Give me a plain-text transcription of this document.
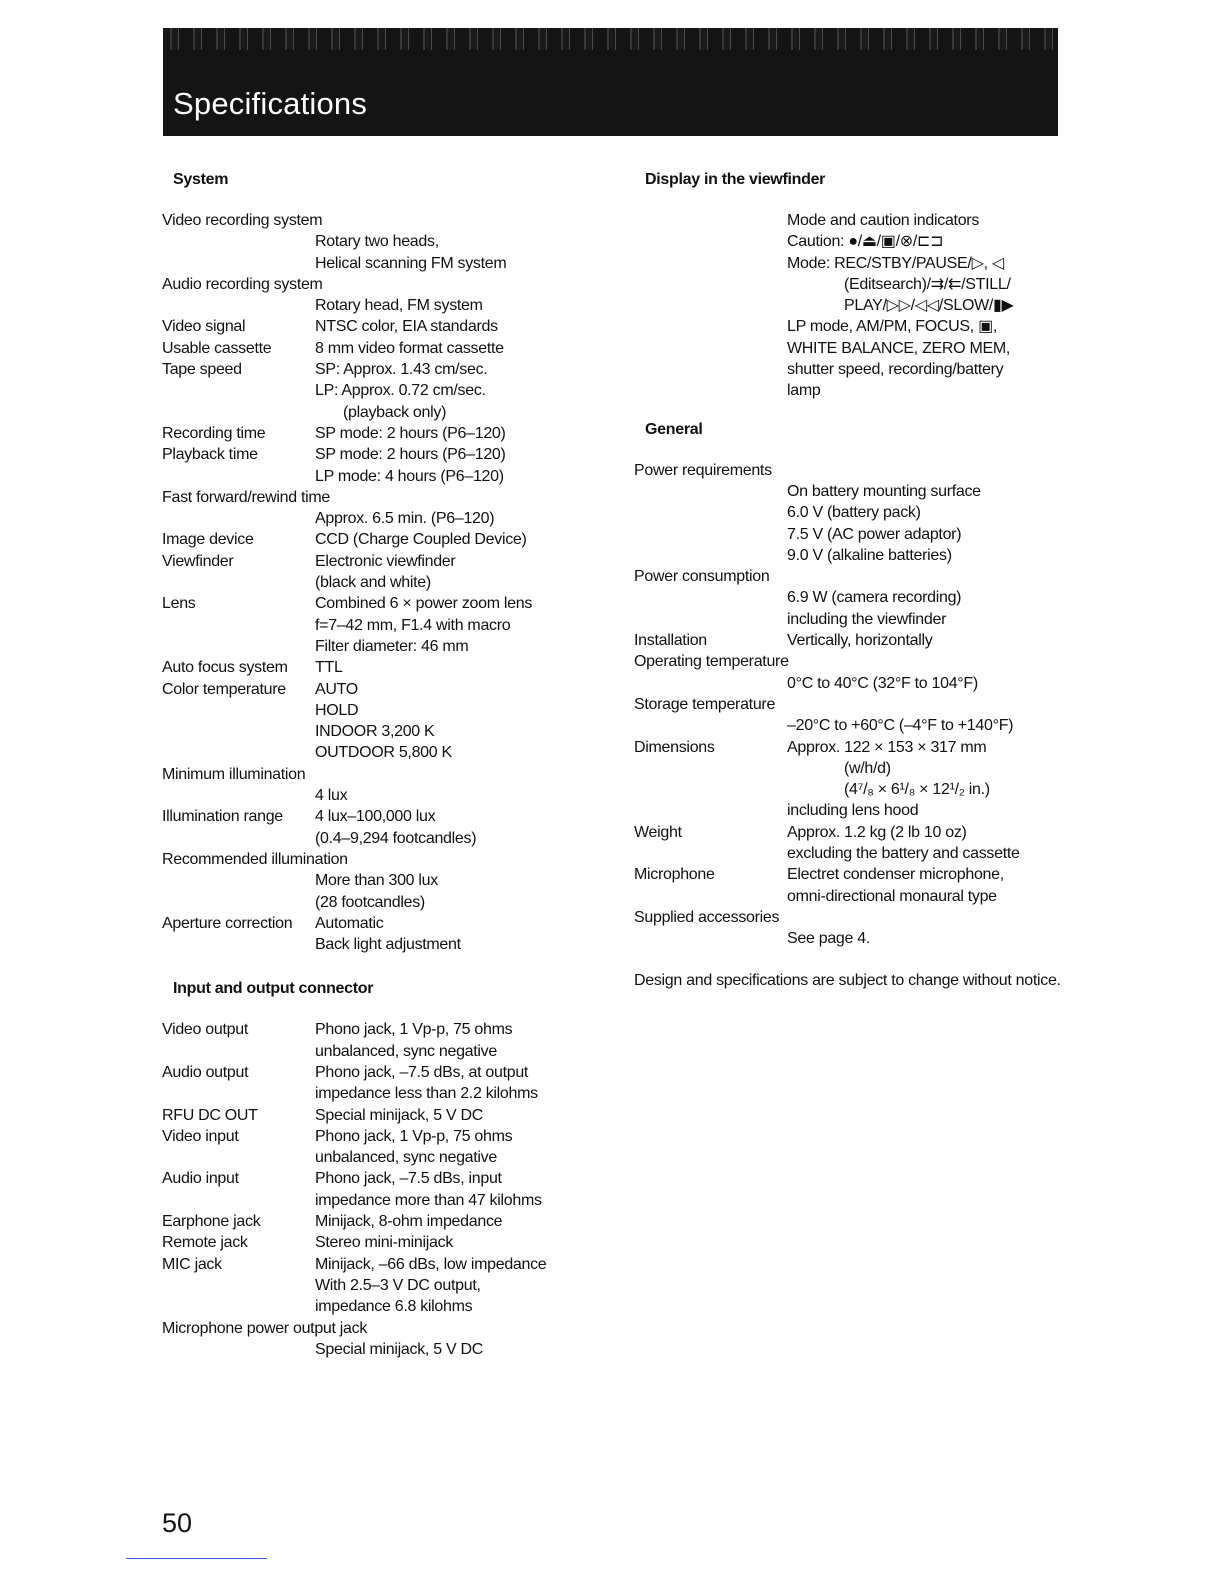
Specifications
System
Video recording system
Rotary two heads,
Helical scanning FM system
Audio recording system
Rotary head, FM system
Video signal	NTSC color, EIA standards
Usable cassette	8 mm video format cassette
Tape speed	SP: Approx. 1.43 cm/sec.
LP: Approx. 0.72 cm/sec.
(playback only)
Recording time	SP mode: 2 hours (P6–120)
Playback time	SP mode: 2 hours (P6–120)
LP mode: 4 hours (P6–120)
Fast forward/rewind time
Approx. 6.5 min. (P6–120)
Image device	CCD (Charge Coupled Device)
Viewfinder	Electronic viewfinder
(black and white)
Lens	Combined 6 × power zoom lens
f=7–42 mm, F1.4 with macro
Filter diameter: 46 mm
Auto focus system	TTL
Color temperature	AUTO
HOLD
INDOOR 3,200 K
OUTDOOR 5,800 K
Minimum illumination
4 lux
Illumination range	4 lux–100,000 lux
(0.4–9,294 footcandles)
Recommended illumination
More than 300 lux
(28 footcandles)
Aperture correction	Automatic
Back light adjustment
Input and output connector
Video output	Phono jack, 1 Vp-p, 75 ohms
unbalanced, sync negative
Audio output	Phono jack, –7.5 dBs, at output
impedance less than 2.2 kilohms
RFU DC OUT	Special minijack, 5 V DC
Video input	Phono jack, 1 Vp-p, 75 ohms
unbalanced, sync negative
Audio input	Phono jack, –7.5 dBs, input
impedance more than 47 kilohms
Earphone jack	Minijack, 8-ohm impedance
Remote jack	Stereo mini-minijack
MIC jack	Minijack, –66 dBs, low impedance
With 2.5–3 V DC output,
impedance 6.8 kilohms
Microphone power output jack
Special minijack, 5 V DC
Display in the viewfinder
Mode and caution indicators
Caution: ●/⏏/▣/⊗/⊏⊐
Mode: REC/STBY/PAUSE/▷, ◁
(Editsearch)/⇉/⇇/STILL/
PLAY/▷▷/◁◁/SLOW/▮▶
LP mode, AM/PM, FOCUS, ▣,
WHITE BALANCE, ZERO MEM,
shutter speed, recording/battery
lamp
General
Power requirements
On battery mounting surface
6.0 V (battery pack)
7.5 V (AC power adaptor)
9.0 V (alkaline batteries)
Power consumption
6.9 W (camera recording)
including the viewfinder
Installation	Vertically, horizontally
Operating temperature
0°C to 40°C (32°F to 104°F)
Storage temperature
–20°C to +60°C (–4°F to +140°F)
Dimensions	Approx. 122 × 153 × 317 mm
(w/h/d)
(4⁷/₈ × 6¹/₈ × 12¹/₂ in.)
including lens hood
Weight	Approx. 1.2 kg (2 lb 10 oz)
excluding the battery and cassette
Microphone	Electret condenser microphone,
omni-directional monaural type
Supplied accessories
See page 4.
Design and specifications are subject to change without notice.
50
